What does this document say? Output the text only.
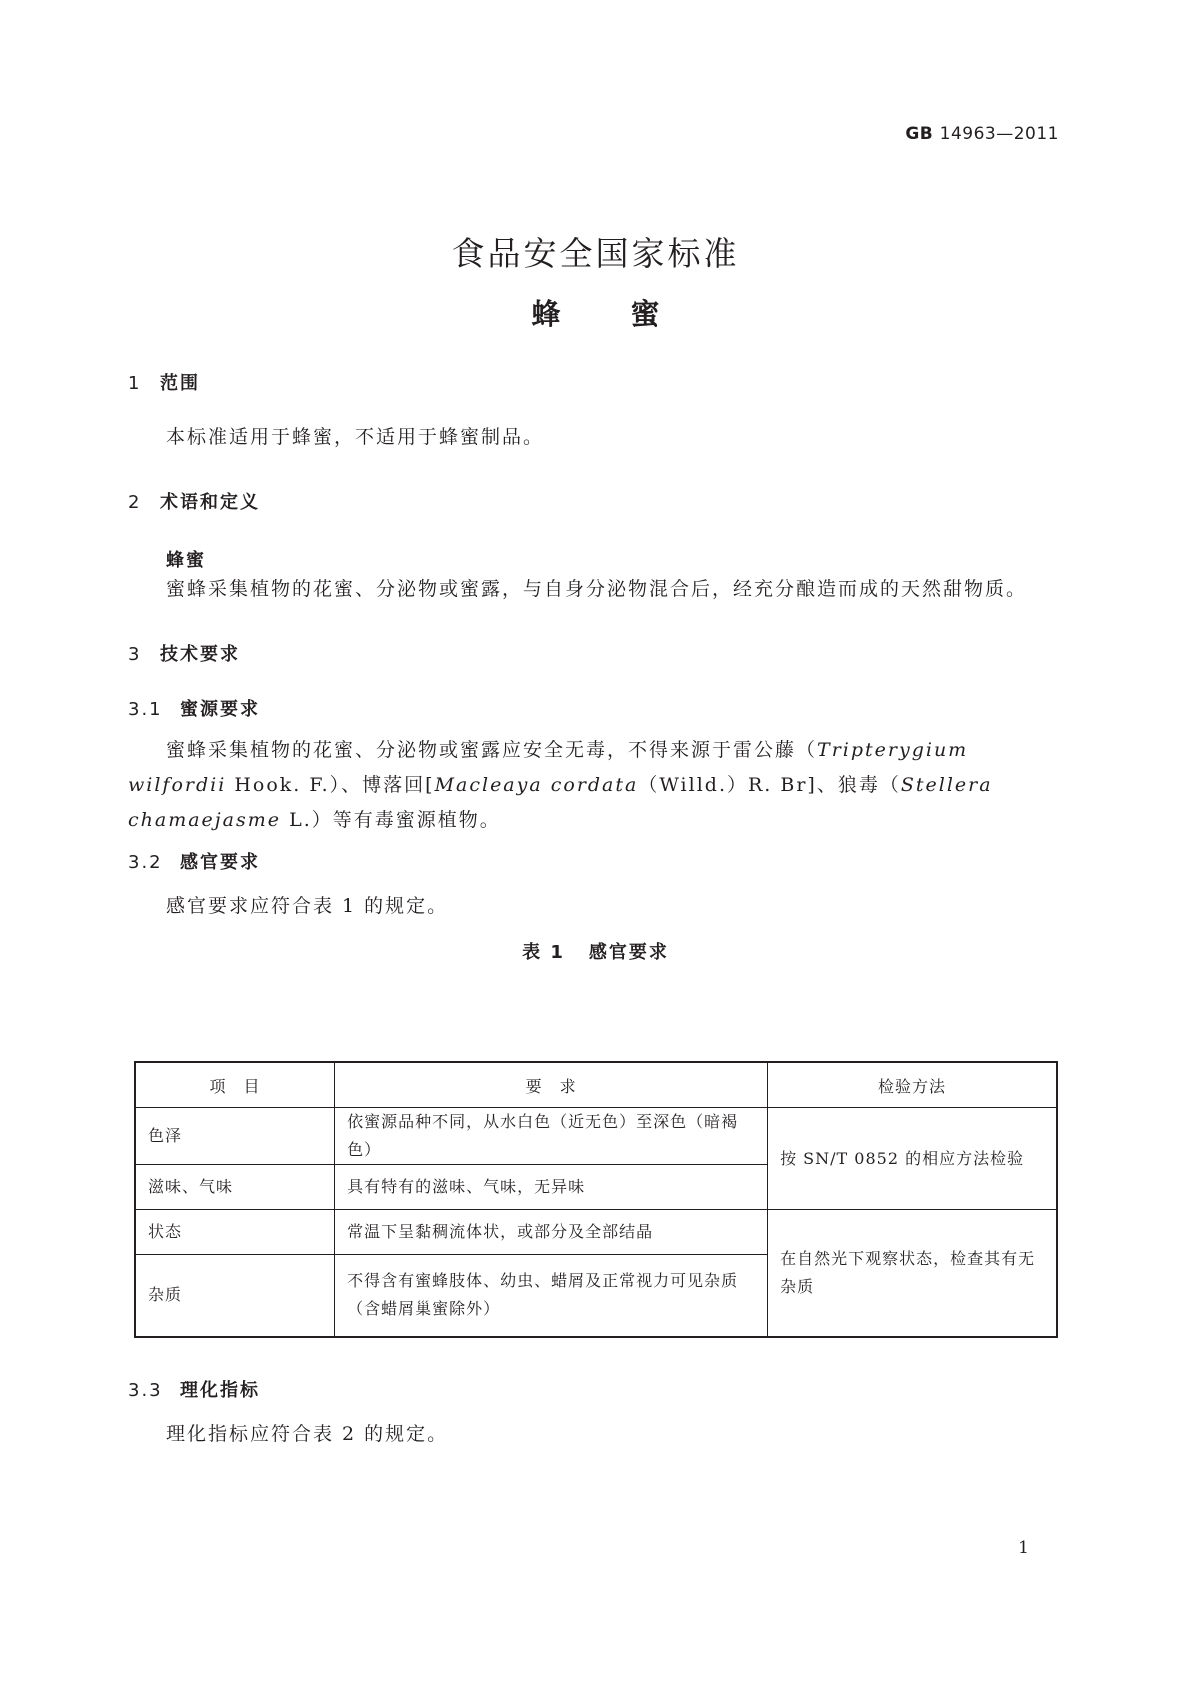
GB 14963—2011
食品安全国家标准
蜂 蜜
1 范围
本标准适用于蜂蜜，不适用于蜂蜜制品。
2 术语和定义
蜂蜜
蜜蜂采集植物的花蜜、分泌物或蜜露，与自身分泌物混合后，经充分酿造而成的天然甜物质。
3 技术要求
3.1 蜜源要求
蜜蜂采集植物的花蜜、分泌物或蜜露应安全无毒，不得来源于雷公藤（Tripterygium wilfordii Hook. F.）、博落回[Macleaya cordata（Willd.）R. Br]、狼毒（Stellera chamaejasme L.）等有毒蜜源植物。
3.2 感官要求
感官要求应符合表 1 的规定。
表 1 感官要求
项　目	要　求	检验方法
色泽	依蜜源品种不同，从水白色（近无色）至深色（暗褐色）	按 SN/T 0852 的相应方法检验
滋味、气味	具有特有的滋味、气味，无异味	
状态	常温下呈黏稠流体状，或部分及全部结晶	在自然光下观察状态，检查其有无杂质
杂质	不得含有蜜蜂肢体、幼虫、蜡屑及正常视力可见杂质（含蜡屑巢蜜除外）	
3.3 理化指标
理化指标应符合表 2 的规定。
1
